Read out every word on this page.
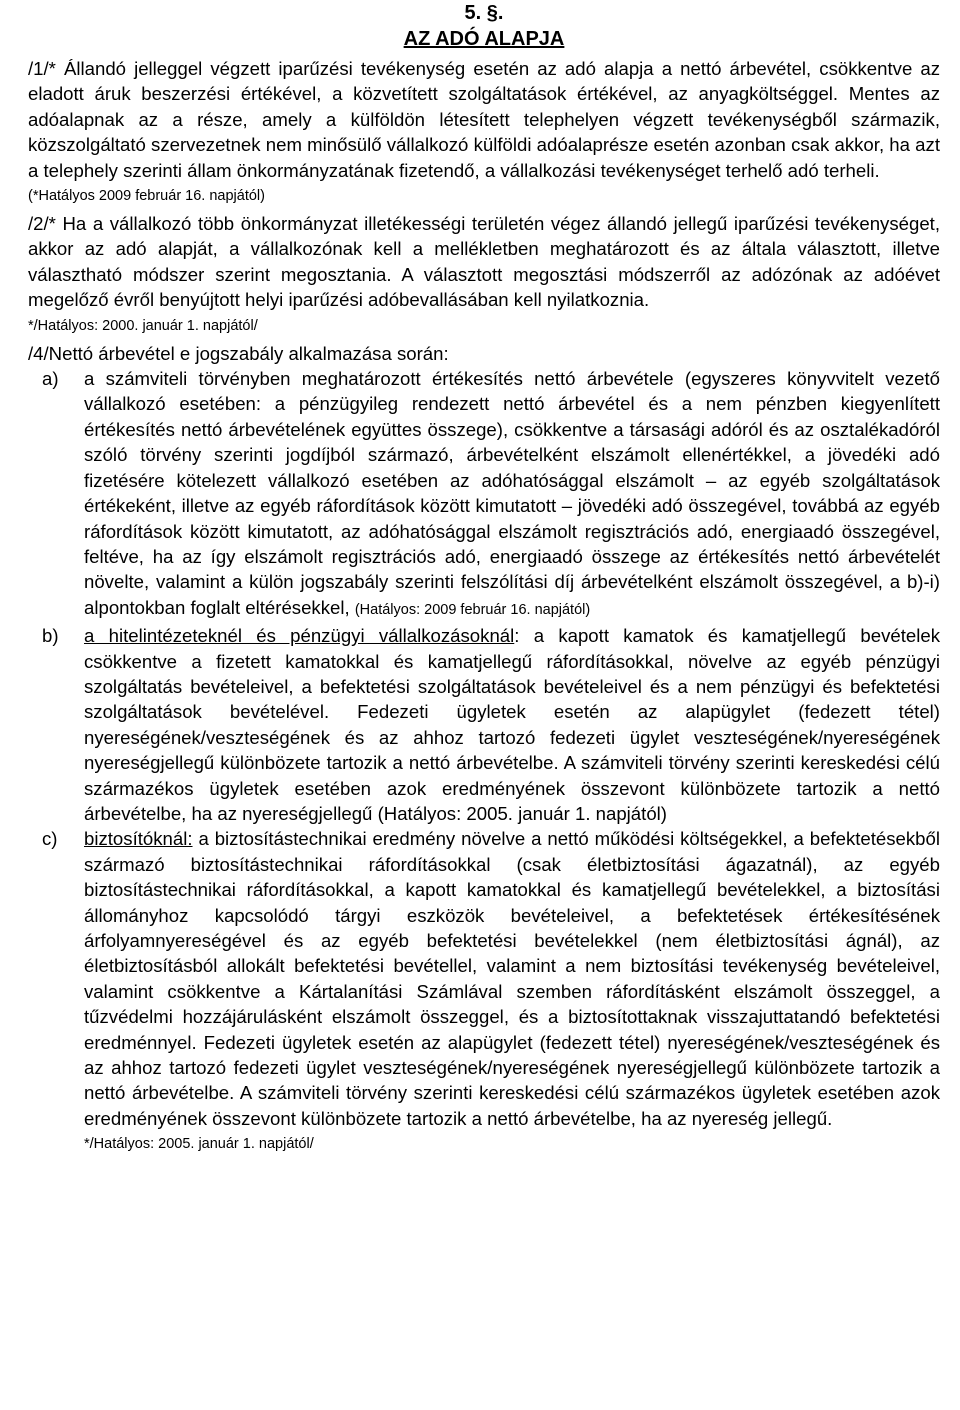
5. §.
AZ ADÓ ALAPJA

/1/* Állandó jelleggel végzett iparűzési tevékenység esetén az adó alapja a nettó árbevétel, csökkentve az eladott áruk beszerzési értékével, a közvetített szolgáltatások értékével, az anyagköltséggel. Mentes az adóalapnak az a része, amely a külföldön létesített telephelyen végzett tevékenységből származik, közszolgáltató szervezetnek nem minősülő vállalkozó külföldi adóalaprésze esetén azonban csak akkor, ha azt a telephely szerinti állam önkormányzatának fizetendő, a vállalkozási tevékenységet terhelő adó terheli.

(*Hatályos 2009 február 16. napjától)

/2/* Ha a vállalkozó több önkormányzat illetékességi területén végez állandó jellegű iparűzési tevékenységet, akkor az adó alapját, a vállalkozónak kell a mellékletben meghatározott és az általa választott, illetve választható módszer szerint megosztania. A választott megosztási módszerről az adózónak az adóévet megelőző évről benyújtott helyi iparűzési adóbevallásában kell nyilatkoznia.

*/Hatályos: 2000. január 1. napjától/

/4/Nettó árbevétel e jogszabály alkalmazása során:

a)	a számviteli törvényben meghatározott értékesítés nettó árbevétele (egyszeres könyvvitelt vezető vállalkozó esetében: a pénzügyileg rendezett nettó árbevétel és a nem pénzben kiegyenlített értékesítés nettó árbevételének együttes összege), csökkentve a társasági adóról és az osztalékadóról szóló törvény szerinti jogdíjból származó, árbevételként elszámolt ellenértékkel, a jövedéki adó fizetésére kötelezett vállalkozó esetében az adóhatósággal elszámolt – az egyéb szolgáltatások értékeként, illetve az egyéb ráfordítások között kimutatott – jövedéki adó összegével, továbbá az egyéb ráfordítások között kimutatott, az adóhatósággal elszámolt regisztrációs adó, energiaadó összegével, feltéve, ha az így elszámolt regisztrációs adó, energiaadó összege az értékesítés nettó árbevételét növelte, valamint a külön jogszabály szerinti felszólítási díj árbevételként elszámolt összegével, a b)-i) alpontokban foglalt eltérésekkel, (Hatályos: 2009 február 16. napjától)
b)	a hitelintézeteknél és pénzügyi vállalkozásoknál: a kapott kamatok és kamatjellegű bevételek csökkentve a fizetett kamatokkal és kamatjellegű ráfordításokkal, növelve az egyéb pénzügyi szolgáltatás bevételeivel, a befektetési szolgáltatások bevételeivel és a nem pénzügyi és befektetési szolgáltatások bevételével. Fedezeti ügyletek esetén az alapügylet (fedezett tétel) nyereségének/veszteségének és az ahhoz tartozó fedezeti ügylet veszteségének/nyereségének nyereségjellegű különbözete tartozik a nettó árbevételbe. A számviteli törvény szerinti kereskedési célú származékos ügyletek esetében azok eredményének összevont különbözete tartozik a nettó árbevételbe, ha az nyereségjellegű (Hatályos: 2005. január 1. napjától)
c)	biztosítóknál: a biztosítástechnikai eredmény növelve a nettó működési költségekkel, a befektetésekből származó biztosítástechnikai ráfordításokkal (csak életbiztosítási ágazatnál), az egyéb biztosítástechnikai ráfordításokkal, a kapott kamatokkal és kamatjellegű bevételekkel, a biztosítási állományhoz kapcsolódó tárgyi eszközök bevételeivel, a befektetések értékesítésének árfolyamnyereségével és az egyéb befektetési bevételekkel (nem életbiztosítási ágnál), az életbiztosításból allokált befektetési bevétellel, valamint a nem biztosítási tevékenység bevételeivel, valamint csökkentve a Kártalanítási Számlával szemben ráfordításként elszámolt összeggel, a tűzvédelmi hozzájárulásként elszámolt összeggel, és a biztosítottaknak visszajuttatandó befektetési eredménnyel. Fedezeti ügyletek esetén az alapügylet (fedezett tétel) nyereségének/veszteségének és az ahhoz tartozó fedezeti ügylet veszteségének/nyereségének nyereségjellegű különbözete tartozik a nettó árbevételbe. A számviteli törvény szerinti kereskedési célú származékos ügyletek esetében azok eredményének összevont különbözete tartozik a nettó árbevételbe, ha az nyereség jellegű.
*/Hatályos: 2005. január 1. napjától/
